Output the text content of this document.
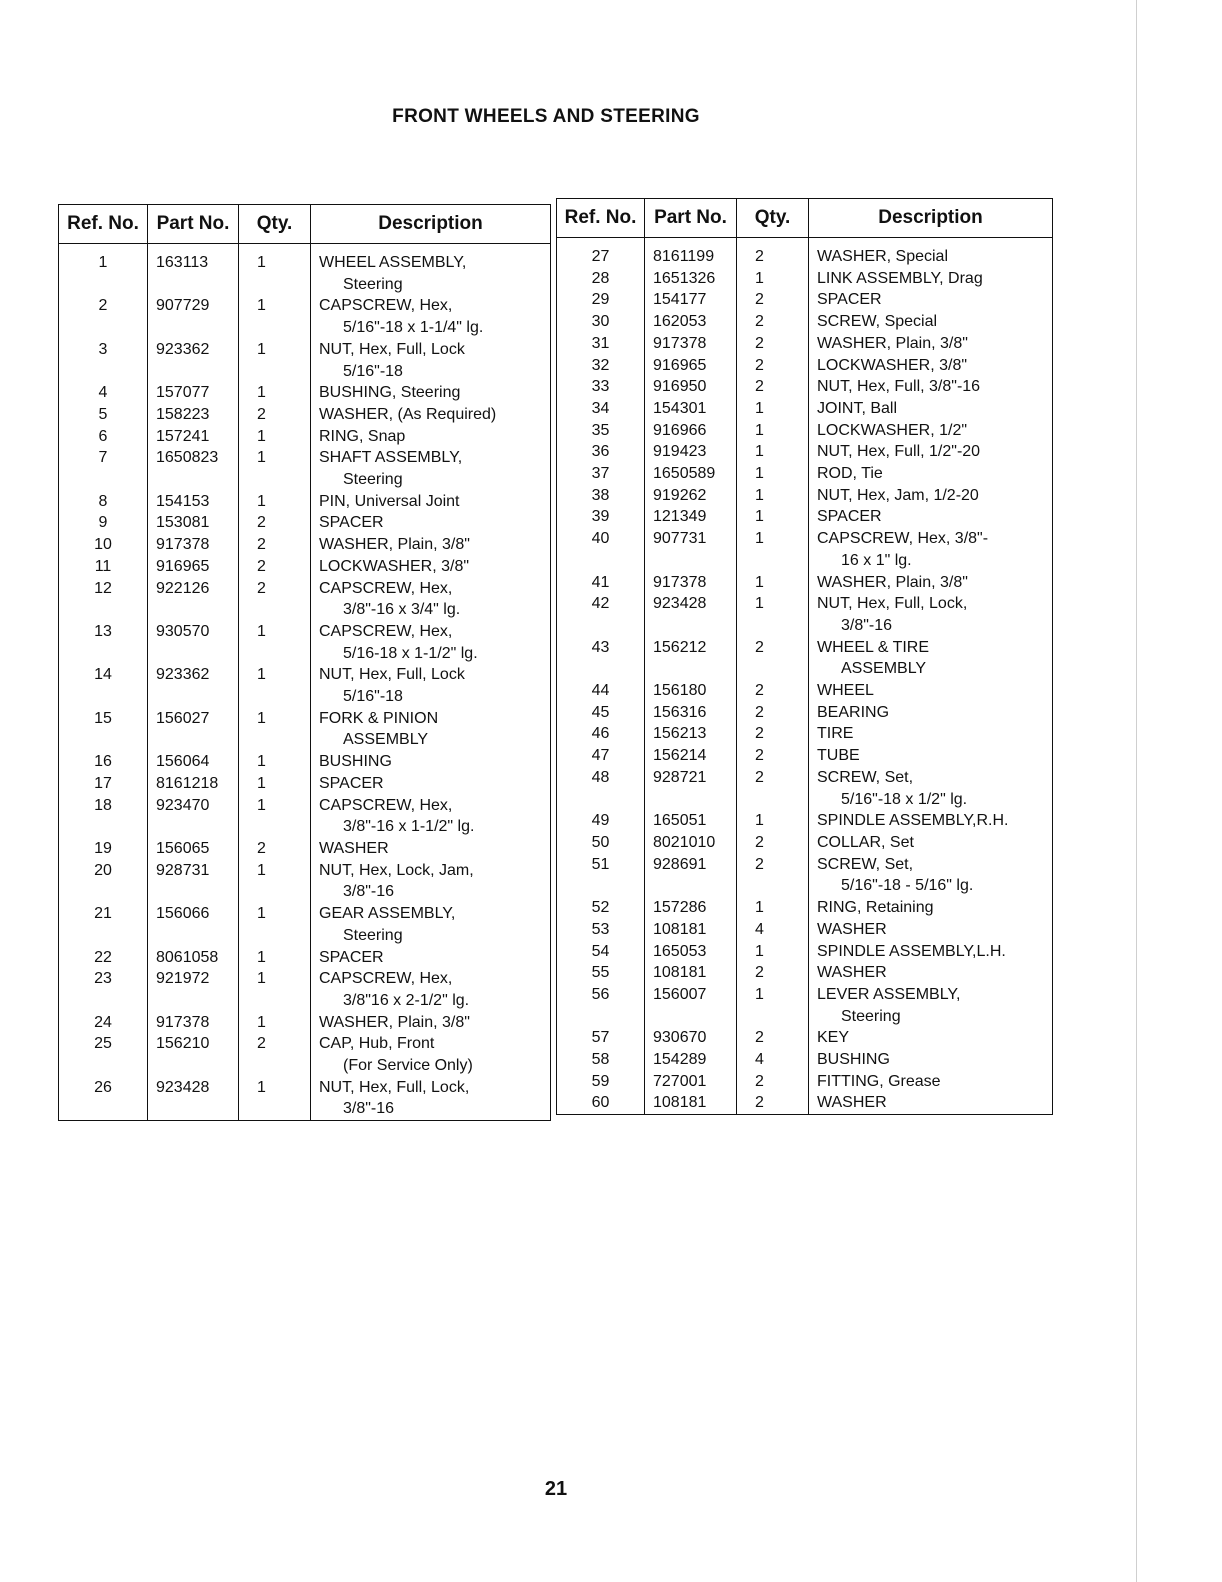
FRONT WHEELS AND STEERING
Ref. No.	Part No.	Qty.	Description

1	163113	1	WHEEL ASSEMBLY,
Steering

2	907729	1	CAPSCREW, Hex,
5/16"-18 x 1-1/4" lg.

3	923362	1	NUT, Hex, Full, Lock
5/16"-18

4	157077	1	BUSHING, Steering

5	158223	2	WASHER, (As Required)

6	157241	1	RING, Snap

7	1650823	1	SHAFT ASSEMBLY,
Steering

8	154153	1	PIN, Universal Joint

9	153081	2	SPACER

10	917378	2	WASHER, Plain, 3/8"

11	916965	2	LOCKWASHER, 3/8"

12	922126	2	CAPSCREW, Hex,
3/8"-16 x 3/4" lg.

13	930570	1	CAPSCREW, Hex,
5/16-18 x 1-1/2" lg.

14	923362	1	NUT, Hex, Full, Lock
5/16"-18

15	156027	1	FORK & PINION
ASSEMBLY

16	156064	1	BUSHING

17	8161218	1	SPACER

18	923470	1	CAPSCREW, Hex,
3/8"-16 x 1-1/2" lg.

19	156065	2	WASHER

20	928731	1	NUT, Hex, Lock, Jam,
3/8"-16

21	156066	1	GEAR ASSEMBLY,
Steering

22	8061058	1	SPACER

23	921972	1	CAPSCREW, Hex,
3/8"16 x 2-1/2" lg.

24	917378	1	WASHER, Plain, 3/8"

25	156210	2	CAP, Hub, Front
(For Service Only)

26	923428	1	NUT, Hex, Full, Lock,
3/8"-16
Ref. No.	Part No.	Qty.	Description

27	8161199	2	WASHER, Special

28	1651326	1	LINK ASSEMBLY, Drag

29	154177	2	SPACER

30	162053	2	SCREW, Special

31	917378	2	WASHER, Plain, 3/8"

32	916965	2	LOCKWASHER, 3/8"

33	916950	2	NUT, Hex, Full, 3/8"-16

34	154301	1	JOINT, Ball

35	916966	1	LOCKWASHER, 1/2"

36	919423	1	NUT, Hex, Full, 1/2"-20

37	1650589	1	ROD, Tie

38	919262	1	NUT, Hex, Jam, 1/2-20

39	121349	1	SPACER

40	907731	1	CAPSCREW, Hex, 3/8"-
16 x 1" lg.

41	917378	1	WASHER, Plain, 3/8"

42	923428	1	NUT, Hex, Full, Lock,
3/8"-16

43	156212	2	WHEEL & TIRE
ASSEMBLY

44	156180	2	WHEEL

45	156316	2	BEARING

46	156213	2	TIRE

47	156214	2	TUBE

48	928721	2	SCREW, Set,
5/16"-18 x 1/2" lg.

49	165051	1	SPINDLE ASSEMBLY,R.H.

50	8021010	2	COLLAR, Set

51	928691	2	SCREW, Set,
5/16"-18 - 5/16" lg.

52	157286	1	RING, Retaining

53	108181	4	WASHER

54	165053	1	SPINDLE ASSEMBLY,L.H.

55	108181	2	WASHER

56	156007	1	LEVER ASSEMBLY,
Steering

57	930670	2	KEY

58	154289	4	BUSHING

59	727001	2	FITTING, Grease

60	108181	2	WASHER
21
